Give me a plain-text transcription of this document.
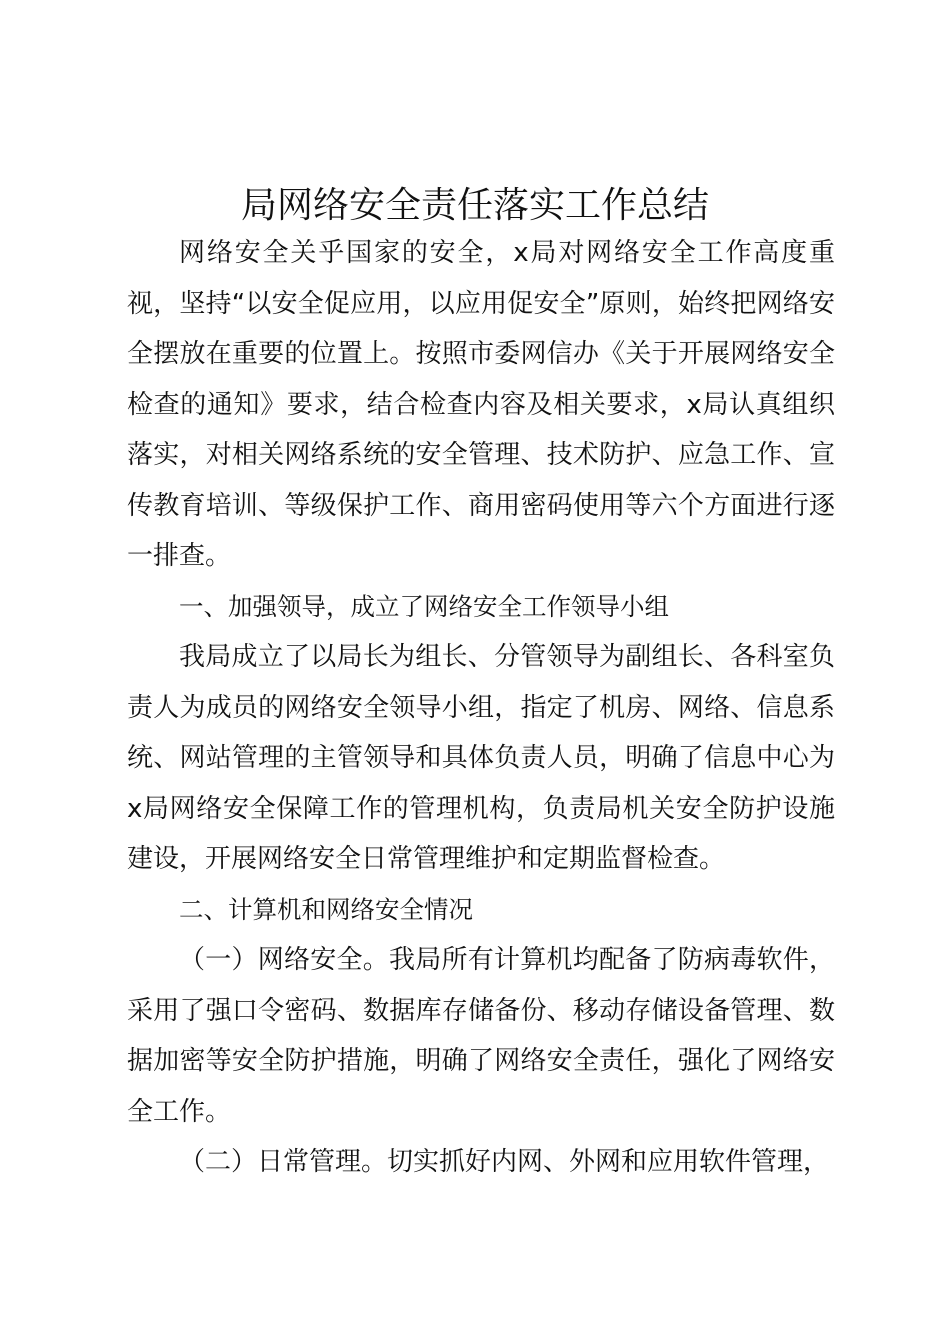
局网络安全责任落实工作总结

网络安全关乎国家的安全，x局对网络安全工作高度重视，坚持“以安全促应用，以应用促安全”原则，始终把网络安全摆放在重要的位置上。按照市委网信办《关于开展网络安全检查的通知》要求，结合检查内容及相关要求，x局认真组织落实，对相关网络系统的安全管理、技术防护、应急工作、宣传教育培训、等级保护工作、商用密码使用等六个方面进行逐一排查。

一、加强领导，成立了网络安全工作领导小组

我局成立了以局长为组长、分管领导为副组长、各科室负责人为成员的网络安全领导小组，指定了机房、网络、信息系统、网站管理的主管领导和具体负责人员，明确了信息中心为x局网络安全保障工作的管理机构，负责局机关安全防护设施建设，开展网络安全日常管理维护和定期监督检查。

二、计算机和网络安全情况

（一）网络安全。我局所有计算机均配备了防病毒软件，采用了强口令密码、数据库存储备份、移动存储设备管理、数据加密等安全防护措施，明确了网络安全责任，强化了网络安全工作。

（二）日常管理。切实抓好内网、外网和应用软件管理，
